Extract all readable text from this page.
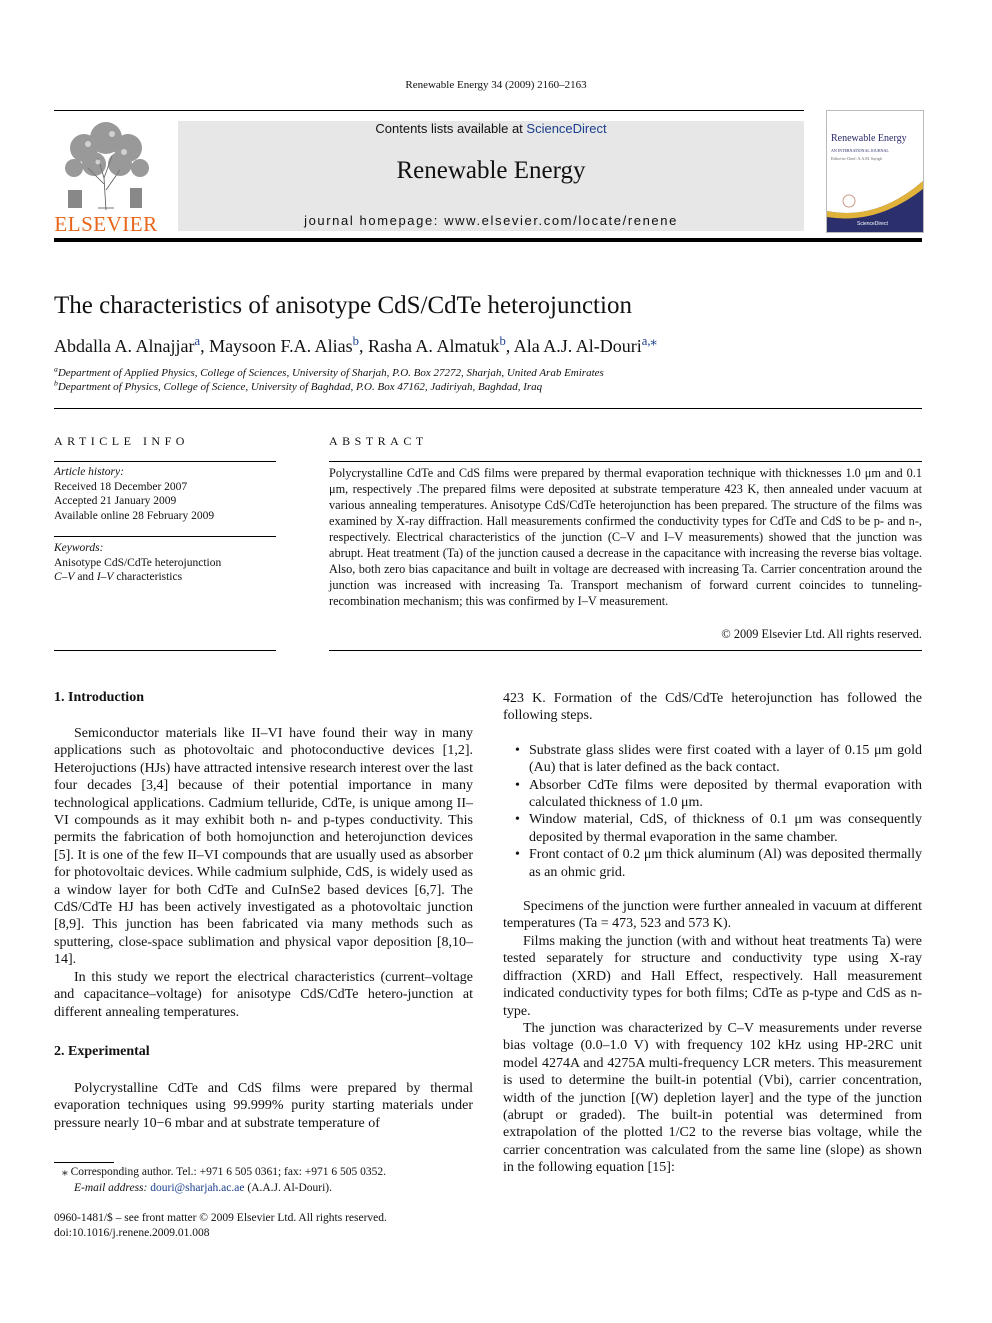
Renewable Energy 34 (2009) 2160–2163
ELSEVIER
Contents lists available at ScienceDirect
Renewable Energy
journal homepage: www.elsevier.com/locate/renene
Renewable Energy
AN INTERNATIONAL JOURNAL
Editor-in-Chief: A.A.M. Sayigh
ScienceDirect
The characteristics of anisotype CdS/CdTe heterojunction
Abdalla A. Alnajjar$^a$, Maysoon F.A. Alias$^b$, Rasha A. Almatuk$^b$, Ala A.J. Al-Douri$^{a,⁎}$
$^a$Department of Applied Physics, College of Sciences, University of Sharjah, P.O. Box 27272, Sharjah, United Arab Emirates
$^b$Department of Physics, College of Science, University of Baghdad, P.O. Box 47162, Jadiriyah, Baghdad, Iraq
ARTICLE INFO
Article history:
Received 18 December 2007
Accepted 21 January 2009
Available online 28 February 2009
Keywords:
Anisotype CdS/CdTe heterojunction
C–V and I–V characteristics
ABSTRACT
Polycrystalline CdTe and CdS films were prepared by thermal evaporation technique with thicknesses 1.0 μm and 0.1 μm, respectively .The prepared films were deposited at substrate temperature 423 K, then annealed under vacuum at various annealing temperatures. Anisotype CdS/CdTe heterojunction has been prepared. The structure of the films was examined by X-ray diffraction. Hall measurements confirmed the conductivity types for CdTe and CdS to be p- and n-, respectively. Electrical characteristics of the junction (C–V and I–V measurements) showed that the junction was abrupt. Heat treatment (Ta) of the junction caused a decrease in the capacitance with increasing the reverse bias voltage. Also, both zero bias capacitance and built in voltage are decreased with increasing Ta. Carrier concentration around the junction was increased with increasing Ta. Transport mechanism of forward current coincides to tunneling-recombination mechanism; this was confirmed by I–V measurement.
© 2009 Elsevier Ltd. All rights reserved.
1. Introduction

Semiconductor materials like II–VI have found their way in many applications such as photovoltaic and photoconductive devices [1,2]. Heterojuctions (HJs) have attracted intensive research interest over the last four decades [3,4] because of their potential importance in many technological applications. Cadmium telluride, CdTe, is unique among II–VI compounds as it may exhibit both n- and p-types conductivity. This permits the fabrication of both homojunction and heterojunction devices [5]. It is one of the few II–VI compounds that are usually used as absorber for photovoltaic devices. While cadmium sulphide, CdS, is widely used as a window layer for both CdTe and CuInSe2 based devices [6,7]. The CdS/CdTe HJ has been actively investigated as a photovoltaic junction [8,9]. This junction has been fabricated via many methods such as sputtering, close-space sublimation and physical vapor deposition [8,10–14].

In this study we report the electrical characteristics (current–voltage and capacitance–voltage) for anisotype CdS/CdTe hetero-junction at different annealing temperatures.

2. Experimental

Polycrystalline CdTe and CdS films were prepared by thermal evaporation techniques using 99.999% purity starting materials under pressure nearly 10−6 mbar and at substrate temperature of

⁎ Corresponding author. Tel.: +971 6 505 0361; fax: +971 6 505 0352.
E-mail address: douri@sharjah.ac.ae (A.A.J. Al-Douri).
0960-1481/$ – see front matter © 2009 Elsevier Ltd. All rights reserved.
doi:10.1016/j.renene.2009.01.008
423 K. Formation of the CdS/CdTe heterojunction has followed the following steps.
• Substrate glass slides were first coated with a layer of 0.15 μm gold (Au) that is later defined as the back contact.
• Absorber CdTe films were deposited by thermal evaporation with calculated thickness of 1.0 μm.
• Window material, CdS, of thickness of 0.1 μm was consequently deposited by thermal evaporation in the same chamber.
• Front contact of 0.2 μm thick aluminum (Al) was deposited thermally as an ohmic grid.

Specimens of the junction were further annealed in vacuum at different temperatures (Ta = 473, 523 and 573 K).

Films making the junction (with and without heat treatments Ta) were tested separately for structure and conductivity type using X-ray diffraction (XRD) and Hall Effect, respectively. Hall measurement indicated conductivity types for both films; CdTe as p-type and CdS as n-type.

The junction was characterized by C–V measurements under reverse bias voltage (0.0–1.0 V) with frequency 102 kHz using HP-2RC unit model 4274A and 4275A multi-frequency LCR meters. This measurement is used to determine the built-in potential (Vbi), carrier concentration, width of the junction [(W) depletion layer] and the type of the junction (abrupt or graded). The built-in potential was determined from extrapolation of the plotted 1/C2 to the reverse bias voltage, while the carrier concentration was calculated from the same line (slope) as shown in the following equation [15]:
